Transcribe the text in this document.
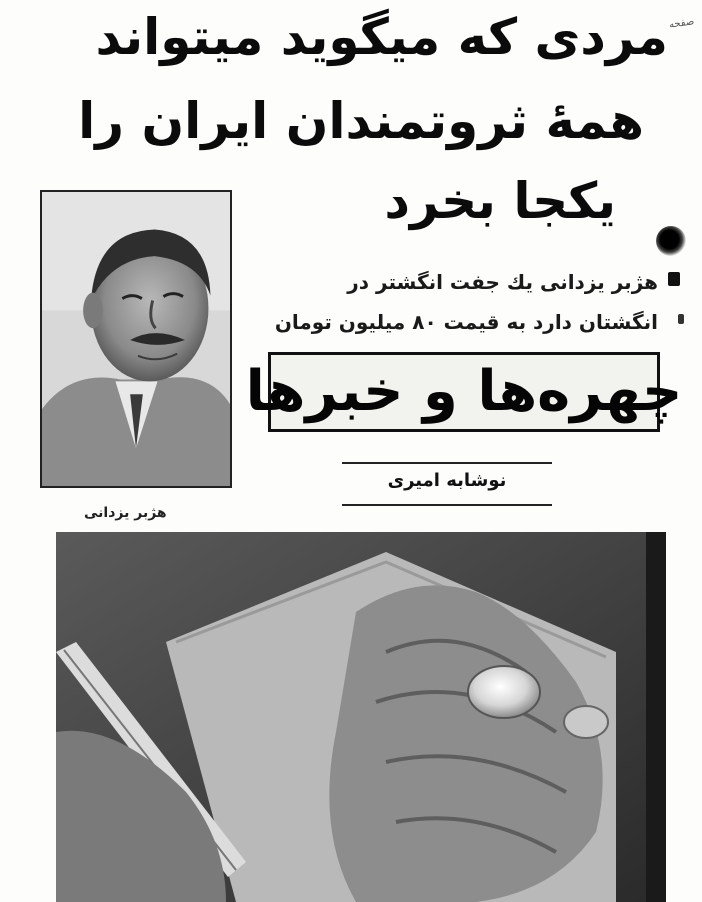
مردی که میگوید میتواند
همهٔ ثروتمندان ایران را
یکجا بخرد
صفحه
هژبر یزدانی
هژبر یزدانی یك جفت انگشتر در
انگشتان دارد به قیمت ۸۰ میلیون تومان
چهره‌ها و خبرها
نوشابه امیری
